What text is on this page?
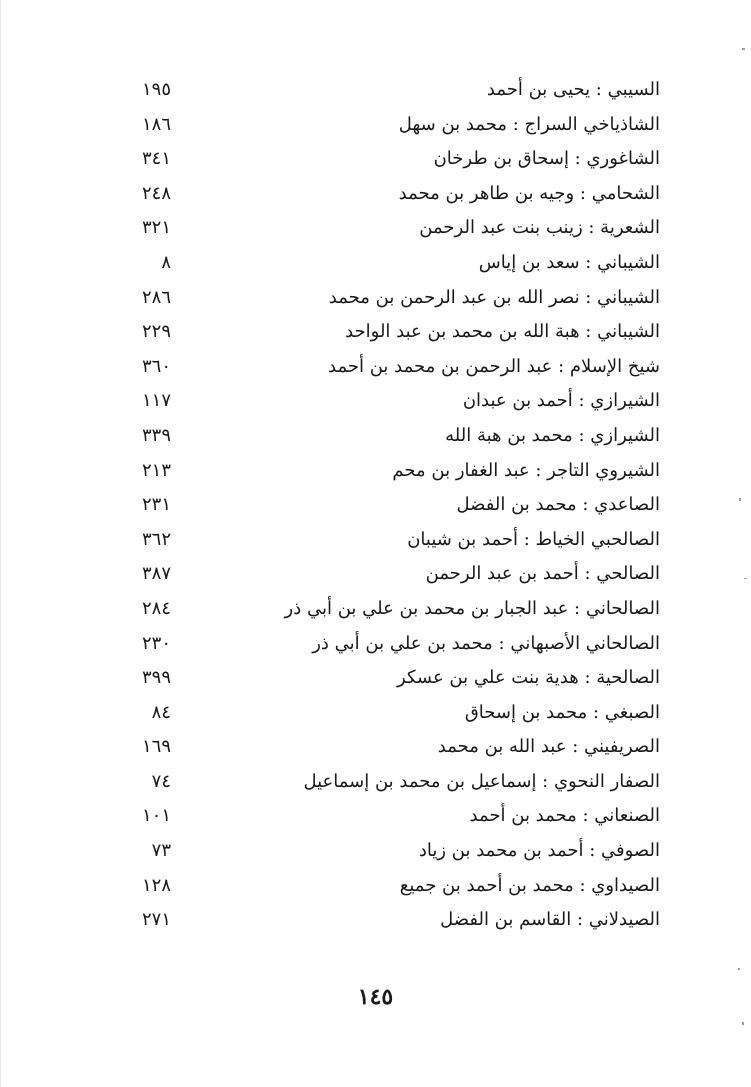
السيبي : يحيى بن أحمد
١٩٥
الشاذياخي السراج : محمد بن سهل
١٨٦
الشاغوري : إسحاق بن طرخان
٣٤١
الشحامي : وجيه بن طاهر بن محمد
٢٤٨
الشعرية : زينب بنت عبد الرحمن
٣٢١
الشيباني : سعد بن إياس
٨
الشيباني : نصر الله بن عبد الرحمن بن محمد
٢٨٦
الشيباني : هبة الله بن محمد بن عبد الواحد
٢٢٩
شيخ الإسلام : عبد الرحمن بن محمد بن أحمد
٣٦٠
الشيرازي : أحمد بن عبدان
١١٧
الشيرازي : محمد بن هبة الله
٣٣٩
الشيروي التاجر : عبد الغفار بن محم
٢١٣
الصاعدي : محمد بن الفضل
٢٣١
الصالحبي الخياط : أحمد بن شيبان
٣٦٢
الصالحي : أحمد بن عبد الرحمن
٣٨٧
الصالحاني : عبد الجبار بن محمد بن علي بن أبي ذر
٢٨٤
الصالحاني الأصبهاني : محمد بن علي بن أبي ذر
٢٣٠
الصالحية : هدية بنت علي بن عسكر
٣٩٩
الصبغي : محمد بن إسحاق
٨٤
الصريفيني : عبد الله بن محمد
١٦٩
الصفار النحوي : إسماعيل بن محمد بن إسماعيل
٧٤
الصنعاني : محمد بن أحمد
١٠١
الصوفي : أحمد بن محمد بن زياد
٧٣
الصيداوي : محمد بن أحمد بن جميع
١٢٨
الصيدلاني : القاسم بن الفضل
٢٧١
١٤٥
